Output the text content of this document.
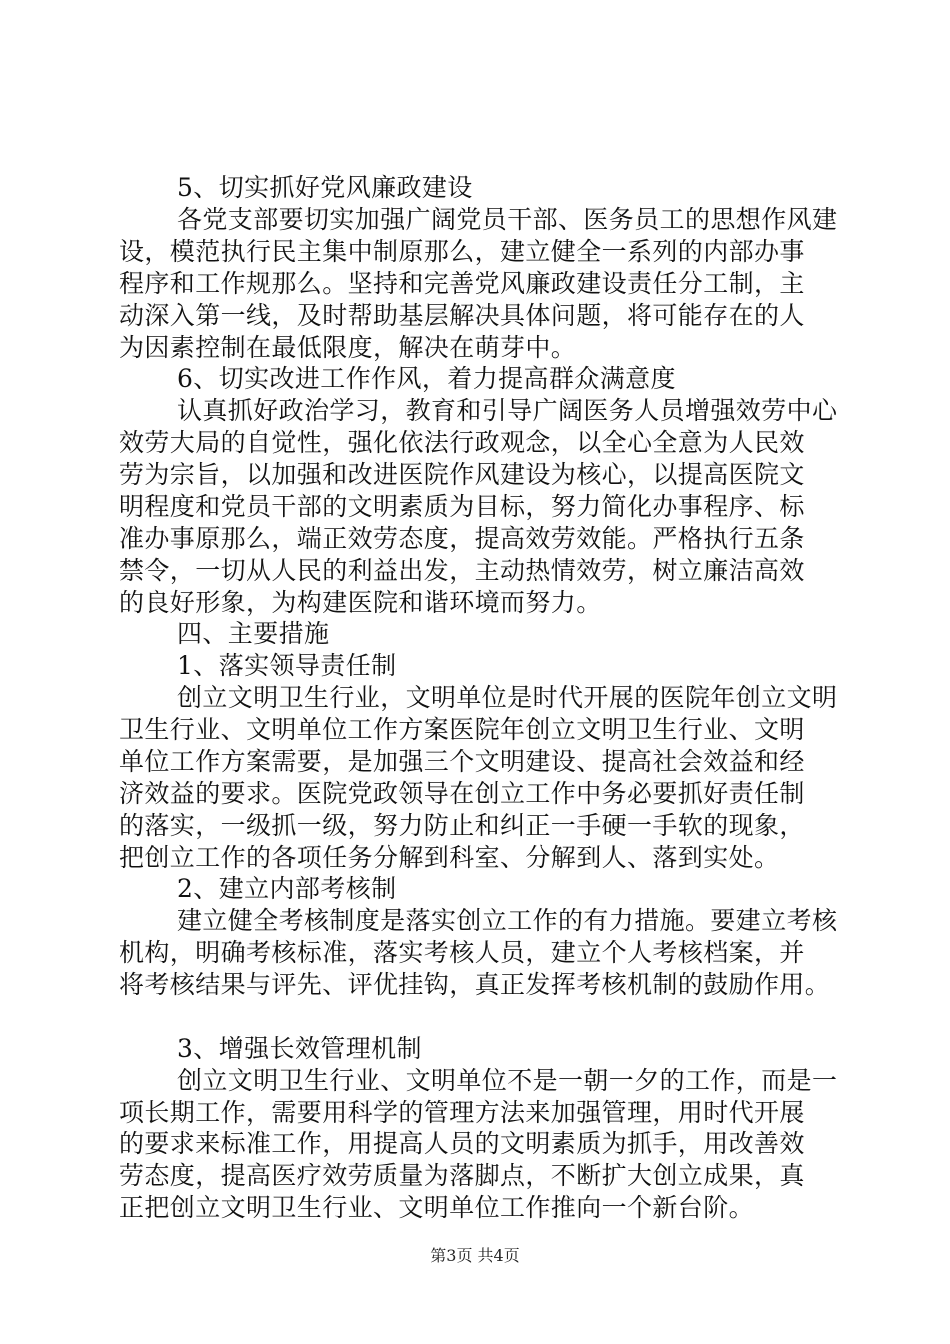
5、切实抓好党风廉政建设
各党支部要切实加强广阔党员干部、医务员工的思想作风建
设，模范执行民主集中制原那么，建立健全一系列的内部办事
程序和工作规那么。坚持和完善党风廉政建设责任分工制，主
动深入第一线，及时帮助基层解决具体问题，将可能存在的人
为因素控制在最低限度，解决在萌芽中。
6、切实改进工作作风，着力提高群众满意度
认真抓好政治学习，教育和引导广阔医务人员增强效劳中心
效劳大局的自觉性，强化依法行政观念，以全心全意为人民效
劳为宗旨，以加强和改进医院作风建设为核心，以提高医院文
明程度和党员干部的文明素质为目标，努力简化办事程序、标
准办事原那么，端正效劳态度，提高效劳效能。严格执行五条
禁令，一切从人民的利益出发，主动热情效劳，树立廉洁高效
的良好形象，为构建医院和谐环境而努力。
四、主要措施
1、落实领导责任制
创立文明卫生行业，文明单位是时代开展的医院年创立文明
卫生行业、文明单位工作方案医院年创立文明卫生行业、文明
单位工作方案需要，是加强三个文明建设、提高社会效益和经
济效益的要求。医院党政领导在创立工作中务必要抓好责任制
的落实，一级抓一级，努力防止和纠正一手硬一手软的现象，
把创立工作的各项任务分解到科室、分解到人、落到实处。
2、建立内部考核制
建立健全考核制度是落实创立工作的有力措施。要建立考核
机构，明确考核标准，落实考核人员，建立个人考核档案，并
将考核结果与评先、评优挂钩，真正发挥考核机制的鼓励作用。
3、增强长效管理机制
创立文明卫生行业、文明单位不是一朝一夕的工作，而是一
项长期工作，需要用科学的管理方法来加强管理，用时代开展
的要求来标准工作，用提高人员的文明素质为抓手，用改善效
劳态度，提高医疗效劳质量为落脚点，不断扩大创立成果，真
正把创立文明卫生行业、文明单位工作推向一个新台阶。
第3页 共4页
